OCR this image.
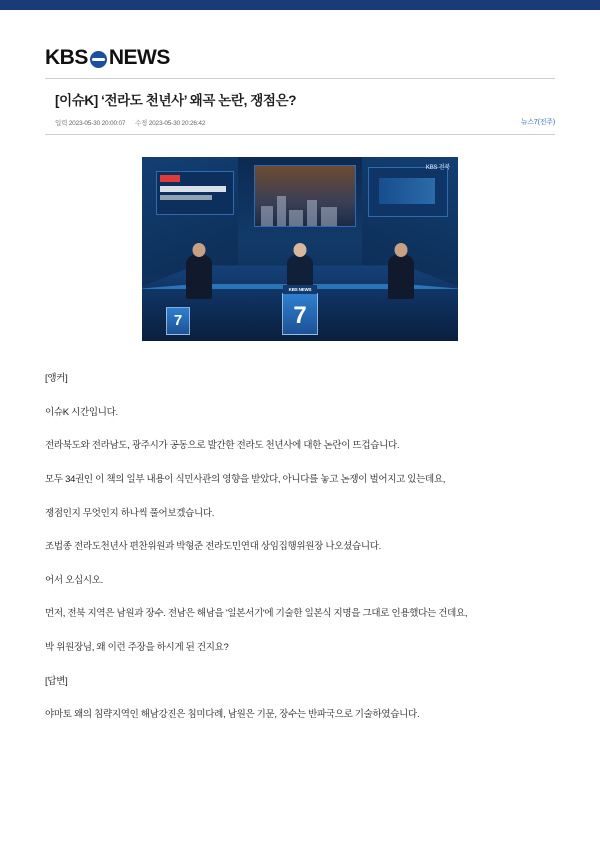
KBS NEWS
[이슈K] ‘전라도 천년사’ 왜곡 논란, 쟁점은?
입력 2023-05-30 20:00:07 수정 2023-05-30 20:26:42	뉴스7(전주)
KBS 전북
7
KBS NEWS
7

[앵커]

이슈K 시간입니다.

전라북도와 전라남도, 광주시가 공동으로 발간한 전라도 천년사에 대한 논란이 뜨겁습니다.

모두 34권인 이 책의 일부 내용이 식민사관의 영향을 받았다, 아니다를 놓고 논쟁이 벌어지고 있는데요,

쟁점인지 무엇인지 하나씩 풀어보겠습니다.

조법종 전라도천년사 편찬위원과 박형준 전라도민연대 상임집행위원장 나오셨습니다.

어서 오십시오.

먼저, 전북 지역은 남원과 장수. 전남은 해남을 '일본서기'에 기술한 일본식 지명을 그대로 인용했다는 건데요,

박 위원장님, 왜 이런 주장을 하시게 된 건지요?

[답변]

야마토 왜의 침략지역인 해남강진은 침미다례, 남원은 기문, 장수는 반파국으로 기술하였습니다.
